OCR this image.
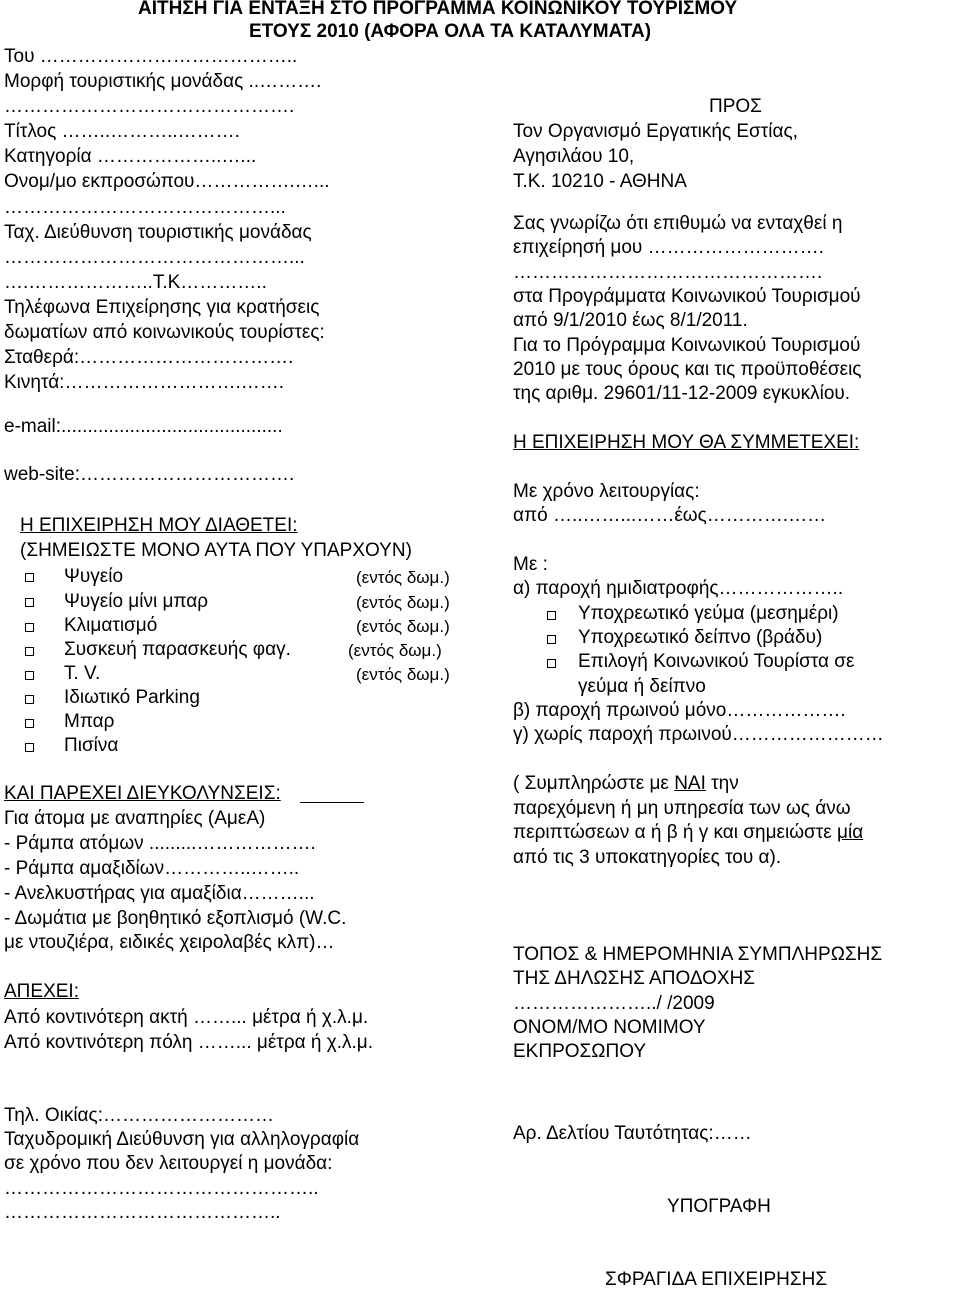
ΑΙΤΗΣΗ ΓΙΑ ΕΝΤΑΞΗ ΣΤΟ ΠΡΟΓΡΑΜΜΑ ΚΟΙΝΩΝΙΚΟΥ ΤΟΥΡΙΣΜΟΥ
ΕΤΟΥΣ 2010 (ΑΦΟΡΑ ΟΛΑ ΤΑ ΚΑΤΑΛΥΜΑΤΑ)
Του …………………………………..
Μορφή τουριστικής μονάδας ..……….
……………………………………….
Τίτλος ……..………..……….
Κατηγορία ………………..…...
Ονομ/μο εκπροσώπου…………….…...
……………………………………...
Ταχ. Διεύθυνση τουριστικής μονάδας
………………………………………...
….………………..Τ.Κ…………..
Τηλέφωνα Επιχείρησης για κρατήσεις
δωματίων από κοινωνικούς τουρίστες:
Σταθερά:…………………………….
Κινητά:……………………….…….
e-mail:..........................................
web-site:…………………………….
Η ΕΠΙΧΕΙΡΗΣΗ ΜΟΥ ΔΙΑΘΕΤΕΙ:
(ΣΗΜΕΙΩΣΤΕ ΜΟΝΟ ΑΥΤΑ ΠΟΥ ΥΠΑΡΧΟΥΝ)
Ψυγείο	(εντός δωμ.)
Ψυγείο μίνι μπαρ	(εντός δωμ.)
Κλιματισμό	(εντός δωμ.)
Συσκευή παρασκευής φαγ.	(εντός δωμ.)
T. V.	(εντός δωμ.)
Ιδιωτικό Parking
Μπαρ
Πισίνα
ΚΑΙ ΠΑΡΕΧΕΙ ΔΙΕΥΚΟΛΥΝΣΕΙΣ:
Για άτομα με αναπηρίες (ΑμεΑ)
- Ράμπα ατόμων .........……………….
- Ράμπα αμαξιδίων…………..……..
- Ανελκυστήρας για αμαξίδια………...
- Δωμάτια με βοηθητικό εξοπλισμό (W.C.
με ντουζιέρα, ειδικές χειρολαβές κλπ)…
ΑΠΕΧΕΙ:
Από κοντινότερη ακτή ……... μέτρα ή χ.λ.μ.
Από κοντινότερη πόλη ……... μέτρα ή χ.λ.μ.
Τηλ. Οικίας:………………………
Ταχυδρομική Διεύθυνση για αλληλογραφία
σε χρόνο που δεν λειτουργεί η μονάδα:
…………………………………………..
……………………………………..
ΠΡΟΣ
Τον Οργανισμό Εργατικής Εστίας,
Αγησιλάου 10,
Τ.Κ. 10210 - ΑΘΗΝΑ
Σας γνωρίζω ότι επιθυμώ να ενταχθεί η
επιχείρησή μου ……………………….
………………………………………….
στα Προγράμματα Κοινωνικού Τουρισμού
από 9/1/2010 έως 8/1/2011.
Για το Πρόγραμμα Κοινωνικού Τουρισμού
2010 με τους όρους και τις προϋποθέσεις
της αριθμ. 29601/11-12-2009 εγκυκλίου.
Η ΕΠΙΧΕΙΡΗΣΗ ΜΟΥ ΘΑ ΣΥΜΜΕΤΕΧΕΙ:
Με χρόνο λειτουργίας:
από …..……...……έως………….……
Με :
α) παροχή ημιδιατροφής………………..
Υποχρεωτικό γεύμα (μεσημέρι)
Υποχρεωτικό δείπνο (βράδυ)
Επιλογή Κοινωνικού Τουρίστα σε
γεύμα ή δείπνο
β) παροχή πρωινού μόνο……………….
γ) χωρίς παροχή πρωινού……………………
( Συμπληρώστε με ΝΑΙ την
παρεχόμενη ή μη υπηρεσία των ως άνω
περιπτώσεων α ή β ή γ και σημειώστε μία
από τις 3 υποκατηγορίες του α).
ΤΟΠΟΣ & ΗΜΕΡΟΜΗΝΙΑ ΣΥΜΠΛΗΡΩΣΗΣ
ΤΗΣ ΔΗΛΩΣΗΣ ΑΠΟΔΟΧΗΣ
…………………../ /2009
ΟΝΟΜ/ΜΟ ΝΟΜΙΜΟΥ
ΕΚΠΡΟΣΩΠΟΥ
Αρ. Δελτίου Ταυτότητας:……
ΥΠΟΓΡΑΦΗ
ΣΦΡΑΓΙΔΑ ΕΠΙΧΕΙΡΗΣΗΣ
